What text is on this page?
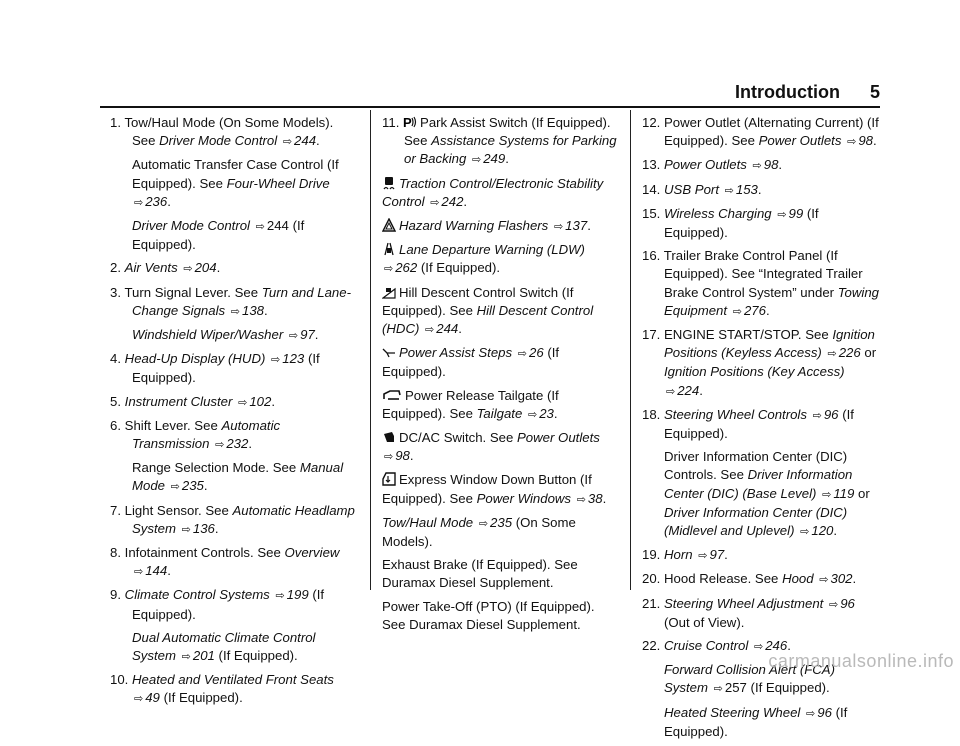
Introduction 5
1. Tow/Haul Mode (On Some Models). See Driver Mode Control ⇨ 244.
Automatic Transfer Case Control (If Equipped). See Four-Wheel Drive ⇨ 236.
Driver Mode Control ⇨ 244 (If Equipped).
2. Air Vents ⇨ 204.
3. Turn Signal Lever. See Turn and Lane-Change Signals ⇨ 138.
Windshield Wiper/Washer ⇨ 97.
4. Head-Up Display (HUD) ⇨ 123 (If Equipped).
5. Instrument Cluster ⇨ 102.
6. Shift Lever. See Automatic Transmission ⇨ 232.
Range Selection Mode. See Manual Mode ⇨ 235.
7. Light Sensor. See Automatic Headlamp System ⇨ 136.
8. Infotainment Controls. See Overview ⇨ 144.
9. Climate Control Systems ⇨ 199 (If Equipped).
Dual Automatic Climate Control System ⇨ 201 (If Equipped).
10. Heated and Ventilated Front Seats ⇨ 49 (If Equipped).
11. P Park Assist Switch (If Equipped). See Assistance Systems for Parking or Backing ⇨ 249.
Traction Control/Electronic Stability Control ⇨ 242.
Hazard Warning Flashers ⇨ 137.
Lane Departure Warning (LDW) ⇨ 262 (If Equipped).
Hill Descent Control Switch (If Equipped). See Hill Descent Control (HDC) ⇨ 244.
Power Assist Steps ⇨ 26 (If Equipped).
Power Release Tailgate (If Equipped). See Tailgate ⇨ 23.
DC/AC Switch. See Power Outlets ⇨ 98.
Express Window Down Button (If Equipped). See Power Windows ⇨ 38.
Tow/Haul Mode ⇨ 235 (On Some Models).
Exhaust Brake (If Equipped). See Duramax Diesel Supplement.
Power Take-Off (PTO) (If Equipped). See Duramax Diesel Supplement.
12. Power Outlet (Alternating Current) (If Equipped). See Power Outlets ⇨ 98.
13. Power Outlets ⇨ 98.
14. USB Port ⇨ 153.
15. Wireless Charging ⇨ 99 (If Equipped).
16. Trailer Brake Control Panel (If Equipped). See “Integrated Trailer Brake Control System” under Towing Equipment ⇨ 276.
17. ENGINE START/STOP. See Ignition Positions (Keyless Access) ⇨ 226 or Ignition Positions (Key Access) ⇨ 224.
18. Steering Wheel Controls ⇨ 96 (If Equipped).
Driver Information Center (DIC) Controls. See Driver Information Center (DIC) (Base Level) ⇨ 119 or Driver Information Center (DIC) (Midlevel and Uplevel) ⇨ 120.
19. Horn ⇨ 97.
20. Hood Release. See Hood ⇨ 302.
21. Steering Wheel Adjustment ⇨ 96 (Out of View).
22. Cruise Control ⇨ 246.
Forward Collision Alert (FCA) System ⇨ 257 (If Equipped).
Heated Steering Wheel ⇨ 96 (If Equipped).
carmanualsonline.info
